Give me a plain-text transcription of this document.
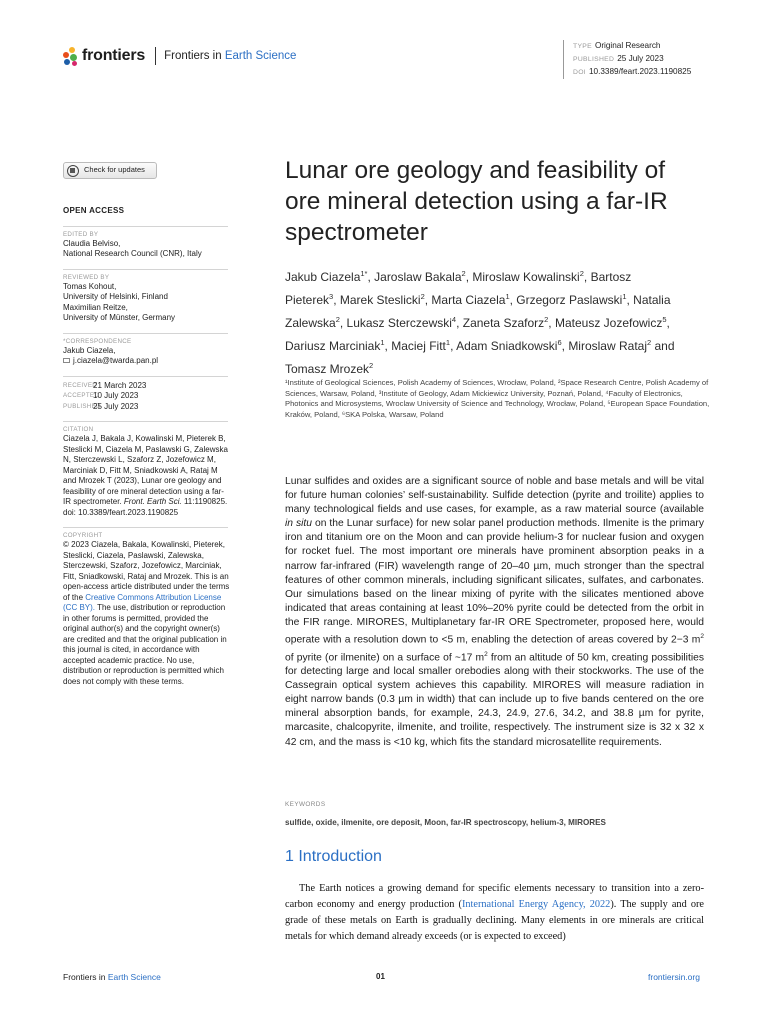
frontiers Frontiers in Earth Science
TYPE Original Research
PUBLISHED 25 July 2023
DOI 10.3389/feart.2023.1190825
Check for updates
OPEN ACCESS
EDITED BY
Claudia Belviso,
National Research Council (CNR), Italy
REVIEWED BY
Tomas Kohout,
University of Helsinki, Finland
Maximilian Reitze,
University of Münster, Germany
*CORRESPONDENCE
Jakub Ciazela,
j.ciazela@twarda.pan.pl
RECEIVED
21 March 2023
ACCEPTED
10 July 2023
PUBLISHED
25 July 2023
CITATION
Ciazela J, Bakala J, Kowalinski M, Pieterek B, Steslicki M, Ciazela M, Paslawski G, Zalewska N, Sterczewski L, Szaforz Z, Jozefowicz M, Marciniak D, Fitt M, Sniadkowski A, Rataj M and Mrozek T (2023), Lunar ore geology and feasibility of ore mineral detection using a far-IR spectrometer. Front. Earth Sci. 11:1190825.
doi: 10.3389/feart.2023.1190825
COPYRIGHT
© 2023 Ciazela, Bakala, Kowalinski, Pieterek, Steslicki, Ciazela, Paslawski, Zalewska, Sterczewski, Szaforz, Jozefowicz, Marciniak, Fitt, Sniadkowski, Rataj and Mrozek. This is an open-access article distributed under the terms of the Creative Commons Attribution License (CC BY). The use, distribution or reproduction in other forums is permitted, provided the original author(s) and the copyright owner(s) are credited and that the original publication in this journal is cited, in accordance with accepted academic practice. No use, distribution or reproduction is permitted which does not comply with these terms.
Lunar ore geology and feasibility of ore mineral detection using a far-IR spectrometer
Jakub Ciazela$^{1*}$, Jaroslaw Bakala$^2$, Miroslaw Kowalinski$^2$, Bartosz Pieterek$^3$, Marek Steslicki$^2$, Marta Ciazela$^1$, Grzegorz Paslawski$^1$, Natalia Zalewska$^2$, Lukasz Sterczewski$^4$, Zaneta Szaforz$^2$, Mateusz Jozefowicz$^5$, Dariusz Marciniak$^1$, Maciej Fitt$^1$, Adam Sniadkowski$^6$, Miroslaw Rataj$^2$ and Tomasz Mrozek$^2$
¹Institute of Geological Sciences, Polish Academy of Sciences, Wrocław, Poland, ²Space Research Centre, Polish Academy of Sciences, Warsaw, Poland, ³Institute of Geology, Adam Mickiewicz University, Poznań, Poland, ⁴Faculty of Electronics, Photonics and Microsystems, Wroclaw University of Science and Technology, Wrocław, Poland, ⁵European Space Foundation, Kraków, Poland, ⁶SKA Polska, Warsaw, Poland
Lunar sulfides and oxides are a significant source of noble and base metals and will be vital for future human colonies’ self-sustainability. Sulfide detection (pyrite and troilite) applies to many technological fields and use cases, for example, as a raw material source (available in situ on the Lunar surface) for new solar panel production methods. Ilmenite is the primary iron and titanium ore on the Moon and can provide helium-3 for nuclear fusion and oxygen for rocket fuel. The most important ore minerals have prominent absorption peaks in a narrow far-infrared (FIR) wavelength range of 20–40 µm, much stronger than the spectral features of other common minerals, including significant silicates, sulfates, and carbonates. Our simulations based on the linear mixing of pyrite with the silicates mentioned above indicated that areas containing at least 10%–20% pyrite could be detected from the orbit in the FIR range. MIRORES, Multiplanetary far-IR ORE Spectrometer, proposed here, would operate with a resolution down to <5 m, enabling the detection of areas covered by 2−3 $m^2$ of pyrite (or ilmenite) on a surface of ~17 $m^2$ from an altitude of 50 km, creating possibilities for detecting large and local smaller orebodies along with their stockworks. The use of the Cassegrain optical system achieves this capability. MIRORES will measure radiation in eight narrow bands (0.3 µm in width) that can include up to five bands centered on the ore mineral absorption bands, for example, 24.3, 24.9, 27.6, 34.2, and 38.8 µm for pyrite, marcasite, chalcopyrite, ilmenite, and troilite, respectively. The instrument size is 32 x 32 x 42 cm, and the mass is <10 kg, which fits the standard microsatellite requirements.
KEYWORDS
sulfide, oxide, ilmenite, ore deposit, Moon, far-IR spectroscopy, helium-3, MIRORES
1 Introduction
The Earth notices a growing demand for specific elements necessary to transition into a zero-carbon economy and energy production (International Energy Agency, 2022). The supply and ore grade of these metals on Earth is gradually declining. Many elements in ore minerals are critical metals for which demand already exceeds (or is expected to exceed)
Frontiers in Earth Science	01	frontiersin.org
